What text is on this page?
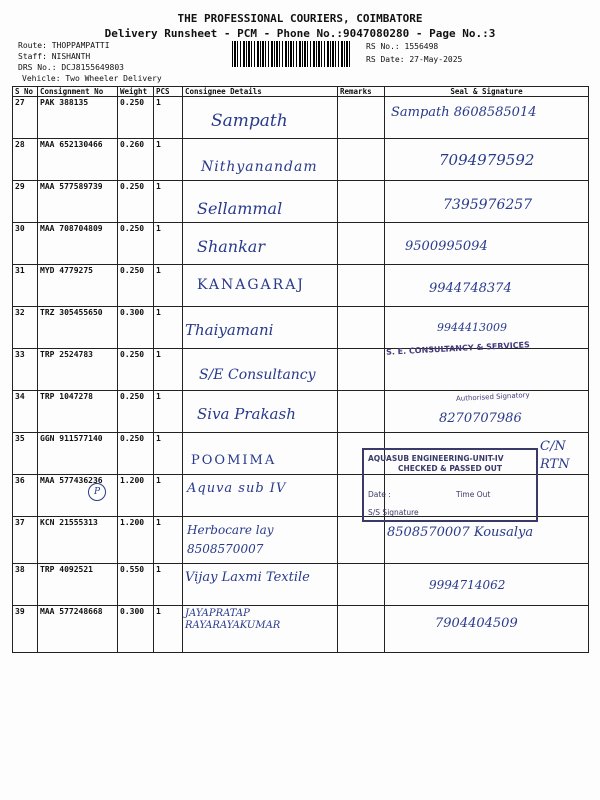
THE PROFESSIONAL COURIERS, COIMBATORE
Delivery Runsheet - PCM - Phone No.:9047080280 - Page No.:3
Route: THOPPAMPATTI
Staff: NISHANTH
DRS No.: DCJ8155649803
Vehicle: Two Wheeler Delivery
RS No.: 1556498
RS Date: 27-May-2025
S No	Consignment No	Weight	PCS	Consignee Details	Remarks	Seal & Signature
27	PAK 388135	0.250	1	Sampath		Sampath 8608585014

28	MAA 652130466	0.260	1	Nithyanandam		7094979592

29	MAA 577589739	0.250	1	Sellammal		7395976257

30	MAA 708704809	0.250	1	Shankar		9500995094

31	MYD 4779275	0.250	1	KANAGARAJ		9944748374

32	TRZ 305455650	0.300	1	Thaiyamani		9944413009

33	TRP 2524783	0.250	1	S/E Consultancy		

34	TRP 1047278	0.250	1	Siva Prakash		8270707986

35	GGN 911577140	0.250	1	POOMIMA		

36	MAA 577436236	1.200	1	Aquva sub IV		

37	KCN 21555313	1.200	1	Herbocare lay 8508570007		8508570007 Kousalya

38	TRP 4092521	0.550	1	Vijay Laxmi Textile		9994714062

39	MAA 577248668	0.300	1	JAYAPRATAP RAYARAYAKUMAR		7904404509
S. E. CONSULTANCY & SERVICES
Authorised Signatory
AQUASUB ENGINEERING-UNIT-IV
CHECKED & PASSED OUT
Date :	Time Out
S/S Signature
C/N RTN
P
